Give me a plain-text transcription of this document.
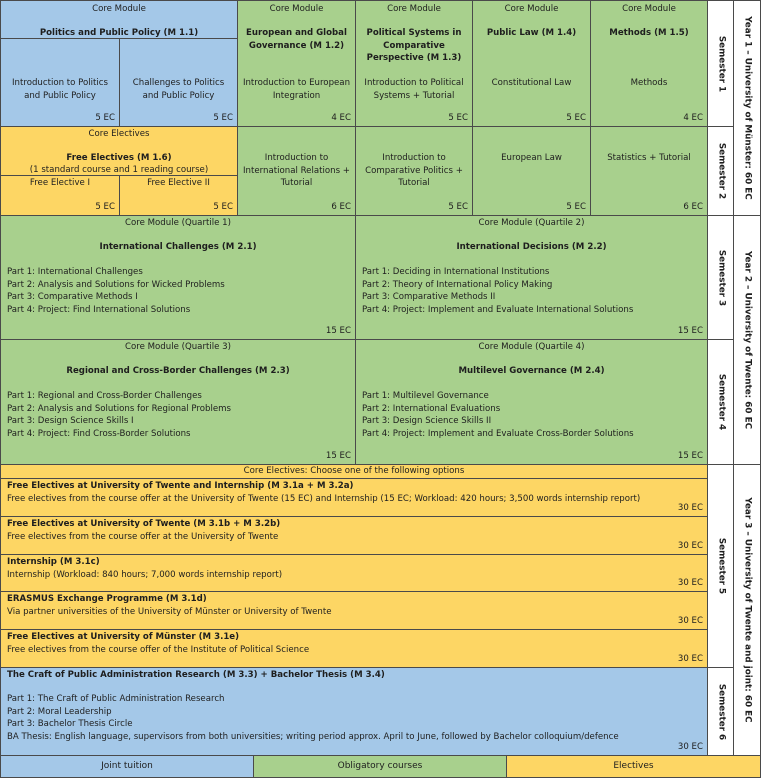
Core Module
Politics and Public Policy (M 1.1)
Introduction to Politics and Public Policy
5 EC
Challenges to Politics and Public Policy
5 EC
Core Module
European and Global Governance (M 1.2)
Introduction to European Integration
4 EC
Core Module
Political Systems in Comparative Perspective (M 1.3)
Introduction to Political Systems + Tutorial
5 EC
Core Module
Public Law (M 1.4)
Constitutional Law
5 EC
Core Module
Methods (M 1.5)
Methods
4 EC
Semester 1
Core Electives
Free Electives (M 1.6)
(1 standard course and 1 reading course)
Free Elective I
5 EC
Free Elective II
5 EC
Introduction to International Relations + Tutorial
6 EC
Introduction to Comparative Politics + Tutorial
5 EC
European Law
5 EC
Statistics + Tutorial
6 EC
Semester 2 Year 1 – University of Münster: 60 EC
Core Module (Quartile 1)
International Challenges (M 2.1)
Part 1: International Challenges
Part 2: Analysis and Solutions for Wicked Problems
Part 3: Comparative Methods I
Part 4: Project: Find International Solutions
15 EC
Core Module (Quartile 2)
International Decisions (M 2.2)
Part 1: Deciding in International Institutions
Part 2: Theory of International Policy Making
Part 3: Comparative Methods II
Part 4: Project: Implement and Evaluate International Solutions
15 EC
Semester 3
Core Module (Quartile 3)
Regional and Cross-Border Challenges (M 2.3)
Part 1: Regional and Cross-Border Challenges
Part 2: Analysis and Solutions for Regional Problems
Part 3: Design Science Skills I
Part 4: Project: Find Cross-Border Solutions
15 EC
Core Module (Quartile 4)
Multilevel Governance (M 2.4)
Part 1: Multilevel Governance
Part 2: International Evaluations
Part 3: Design Science Skills II
Part 4: Project: Implement and Evaluate Cross-Border Solutions
15 EC
Semester 4 Year 2 – University of Twente: 60 EC
Core Electives: Choose one of the following options
Free Electives at University of Twente and Internship (M 3.1a + M 3.2a)
Free electives from the course offer at the University of Twente (15 EC) and Internship (15 EC; Workload: 420 hours; 3,500 words internship report)
30 EC
Free Electives at University of Twente (M 3.1b + M 3.2b)
Free electives from the course offer at the University of Twente
30 EC
Internship (M 3.1c)
Internship (Workload: 840 hours; 7,000 words internship report)
30 EC
ERASMUS Exchange Programme (M 3.1d)
Via partner universities of the University of Münster or University of Twente
30 EC
Free Electives at University of Münster (M 3.1e)
Free electives from the course offer of the Institute of Political Science
30 EC
Semester 5
The Craft of Public Administration Research (M 3.3) + Bachelor Thesis (M 3.4)
Part 1: The Craft of Public Administration Research
Part 2: Moral Leadership
Part 3: Bachelor Thesis Circle
BA Thesis: English language, supervisors from both universities; writing period approx. April to June, followed by Bachelor colloquium/defence
30 EC
Semester 6 Year 3 – University of Twente and joint: 60 EC
Joint tuition	Obligatory courses	Electives
